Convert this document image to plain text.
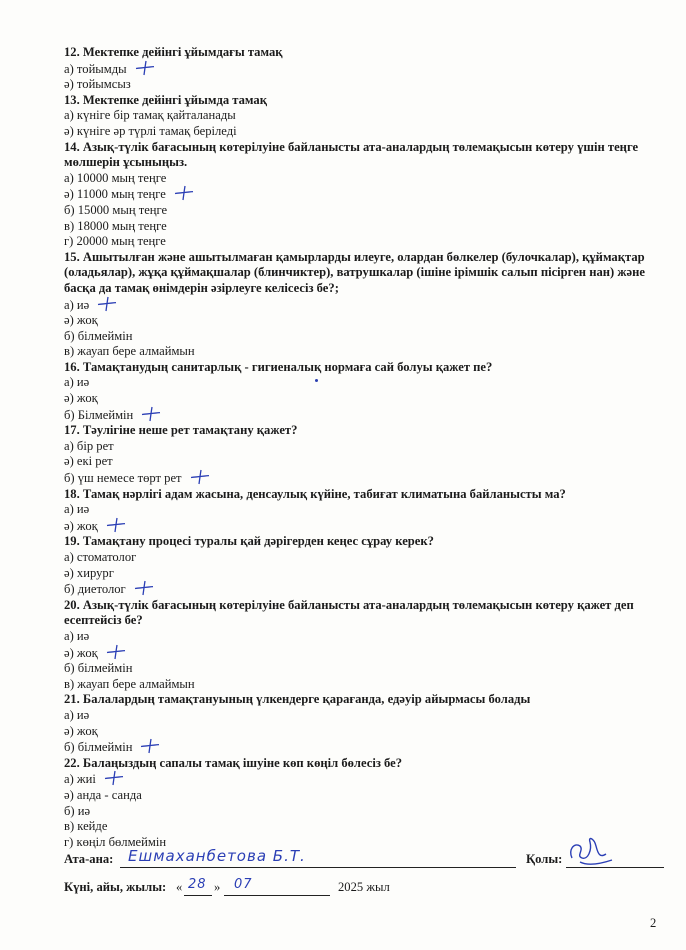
12. Мектепке дейінгі ұйымдағы тамақ
а) тойымды
ә) тойымсыз
13. Мектепке дейінгі ұйымда тамақ
а) күнігe бір тамақ қайталанады
ә) күнігe әр түрлі тамақ беріледі
14. Азық-түлік бағасының көтерілуіне байланысты ата-аналардың төлемақысын көтеру үшін теңге мөлшерін ұсыныңыз.
а) 10000 мың теңге
ә) 11000 мың теңге
б) 15000 мың теңге
в) 18000 мың теңге
г) 20000 мың теңге
15. Ашытылған және ашытылмаған қамырларды илеуге, олардан бөлкелер (булочкалар), құймақтар (оладьялар), жұқа құймақшалар (блинчиктер), ватрушкалар (ішіне ірімшік салып пісірген нан) және басқа да тамақ өнімдерін әзірлеуге келісесіз бе?;
а) иә
ә) жоқ
б) білмеймін
в) жауап бере алмаймын
16. Тамақтанудың санитарлық - гигиеналық нормаға сай болуы қажет пе?
а) иә
ә) жоқ
б) Білмеймін
17. Тәулігіне неше рет тамақтану қажет?
а) бір рет
ә) екі рет
б) үш немесе төрт рет
18. Тамақ нәрлігі адам жасына, денсаулық күйіне, табиғат климатына байланысты ма?
а) иә
ә) жоқ
19. Тамақтану процесі туралы қай дәрігерден кеңес сұрау керек?
а) стоматолог
ә) хирург
б) диетолог
20. Азық-түлік бағасының көтерілуіне байланысты ата-аналардың төлемақысын көтеру қажет деп есептейсіз бе?
а) иә
ә) жоқ
б) білмеймін
в) жауап бере алмаймын
21. Балалардың тамақтануының үлкендерге қарағанда, едәуір айырмасы болады
а) иә
ә) жоқ
б) білмеймін
22. Балаңыздың сапалы тамақ ішуіне көп көңіл бөлесіз бе?
а) жиі
ә) анда - санда
б) иә
в) кейде
г) көңіл бөлмеймін
Ата-ана: Ешмаханбетова Б.Т.	Қолы:
Күні, айы, жылы: « 28 » 07	2025 жыл
2
